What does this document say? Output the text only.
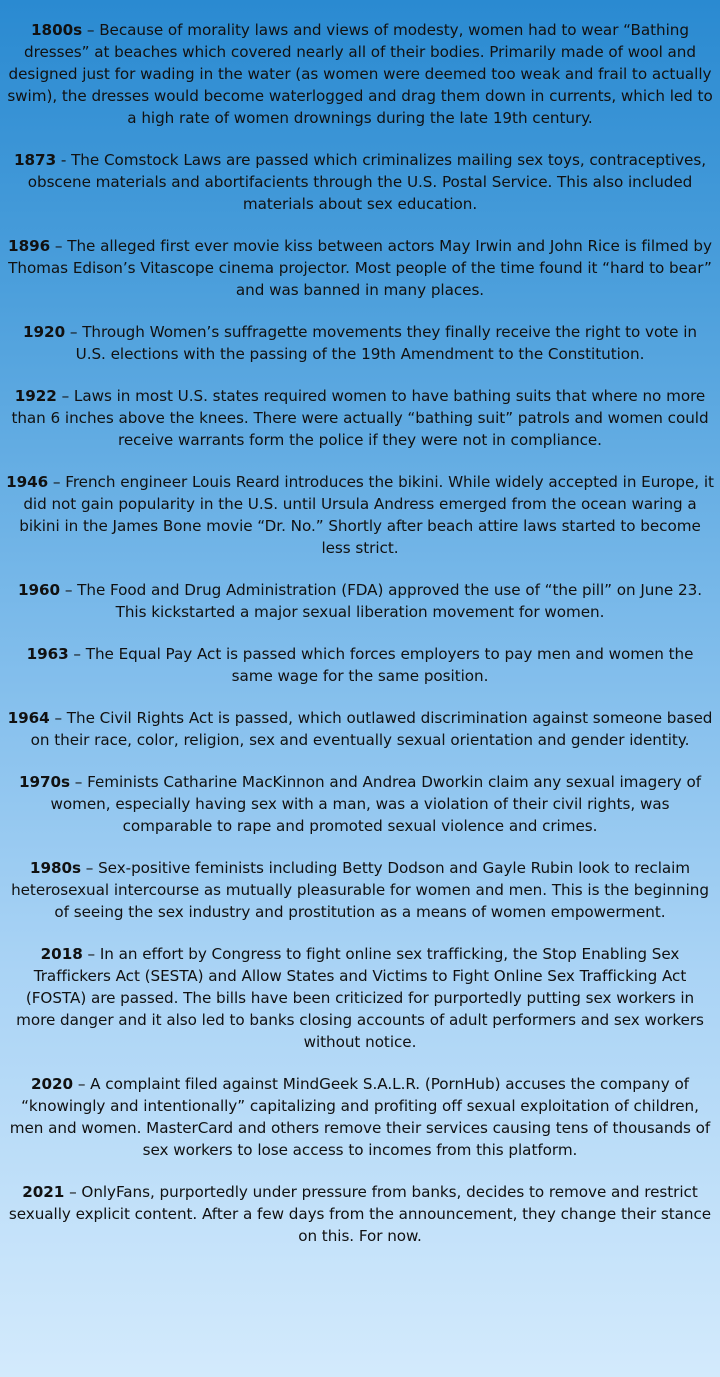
1800s – Because of morality laws and views of modesty, women had to wear “Bathing dresses” at beaches which covered nearly all of their bodies. Primarily made of wool and designed just for wading in the water (as women were deemed too weak and frail to actually swim), the dresses would become waterlogged and drag them down in currents, which led to a high rate of women drownings during the late 19th century.

1873 - The Comstock Laws are passed which criminalizes mailing sex toys, contraceptives, obscene materials and abortifacients through the U.S. Postal Service. This also included materials about sex education.

1896 – The alleged first ever movie kiss between actors May Irwin and John Rice is filmed by Thomas Edison’s Vitascope cinema projector. Most people of the time found it “hard to bear” and was banned in many places.

1920 – Through Women’s suffragette movements they finally receive the right to vote in U.S. elections with the passing of the 19th Amendment to the Constitution.

1922 – Laws in most U.S. states required women to have bathing suits that where no more than 6 inches above the knees. There were actually “bathing suit” patrols and women could receive warrants form the police if they were not in compliance.

1946 – French engineer Louis Reard introduces the bikini. While widely accepted in Europe, it did not gain popularity in the U.S. until Ursula Andress emerged from the ocean waring a bikini in the James Bone movie “Dr. No.” Shortly after beach attire laws started to become less strict.

1960 – The Food and Drug Administration (FDA) approved the use of “the pill” on June 23. This kickstarted a major sexual liberation movement for women.

1963 – The Equal Pay Act is passed which forces employers to pay men and women the same wage for the same position.

1964 – The Civil Rights Act is passed, which outlawed discrimination against someone based on their race, color, religion, sex and eventually sexual orientation and gender identity.

1970s – Feminists Catharine MacKinnon and Andrea Dworkin claim any sexual imagery of women, especially having sex with a man, was a violation of their civil rights, was comparable to rape and promoted sexual violence and crimes.

1980s – Sex-positive feminists including Betty Dodson and Gayle Rubin look to reclaim heterosexual intercourse as mutually pleasurable for women and men. This is the beginning of seeing the sex industry and prostitution as a means of women empowerment.

2018 – In an effort by Congress to fight online sex trafficking, the Stop Enabling Sex Traffickers Act (SESTA) and Allow States and Victims to Fight Online Sex Trafficking Act (FOSTA) are passed. The bills have been criticized for purportedly putting sex workers in more danger and it also led to banks closing accounts of adult performers and sex workers without notice.

2020 – A complaint filed against MindGeek S.A.L.R. (PornHub) accuses the company of “knowingly and intentionally” capitalizing and profiting off sexual exploitation of children, men and women. MasterCard and others remove their services causing tens of thousands of sex workers to lose access to incomes from this platform.

2021 – OnlyFans, purportedly under pressure from banks, decides to remove and restrict sexually explicit content. After a few days from the announcement, they change their stance on this. For now.
